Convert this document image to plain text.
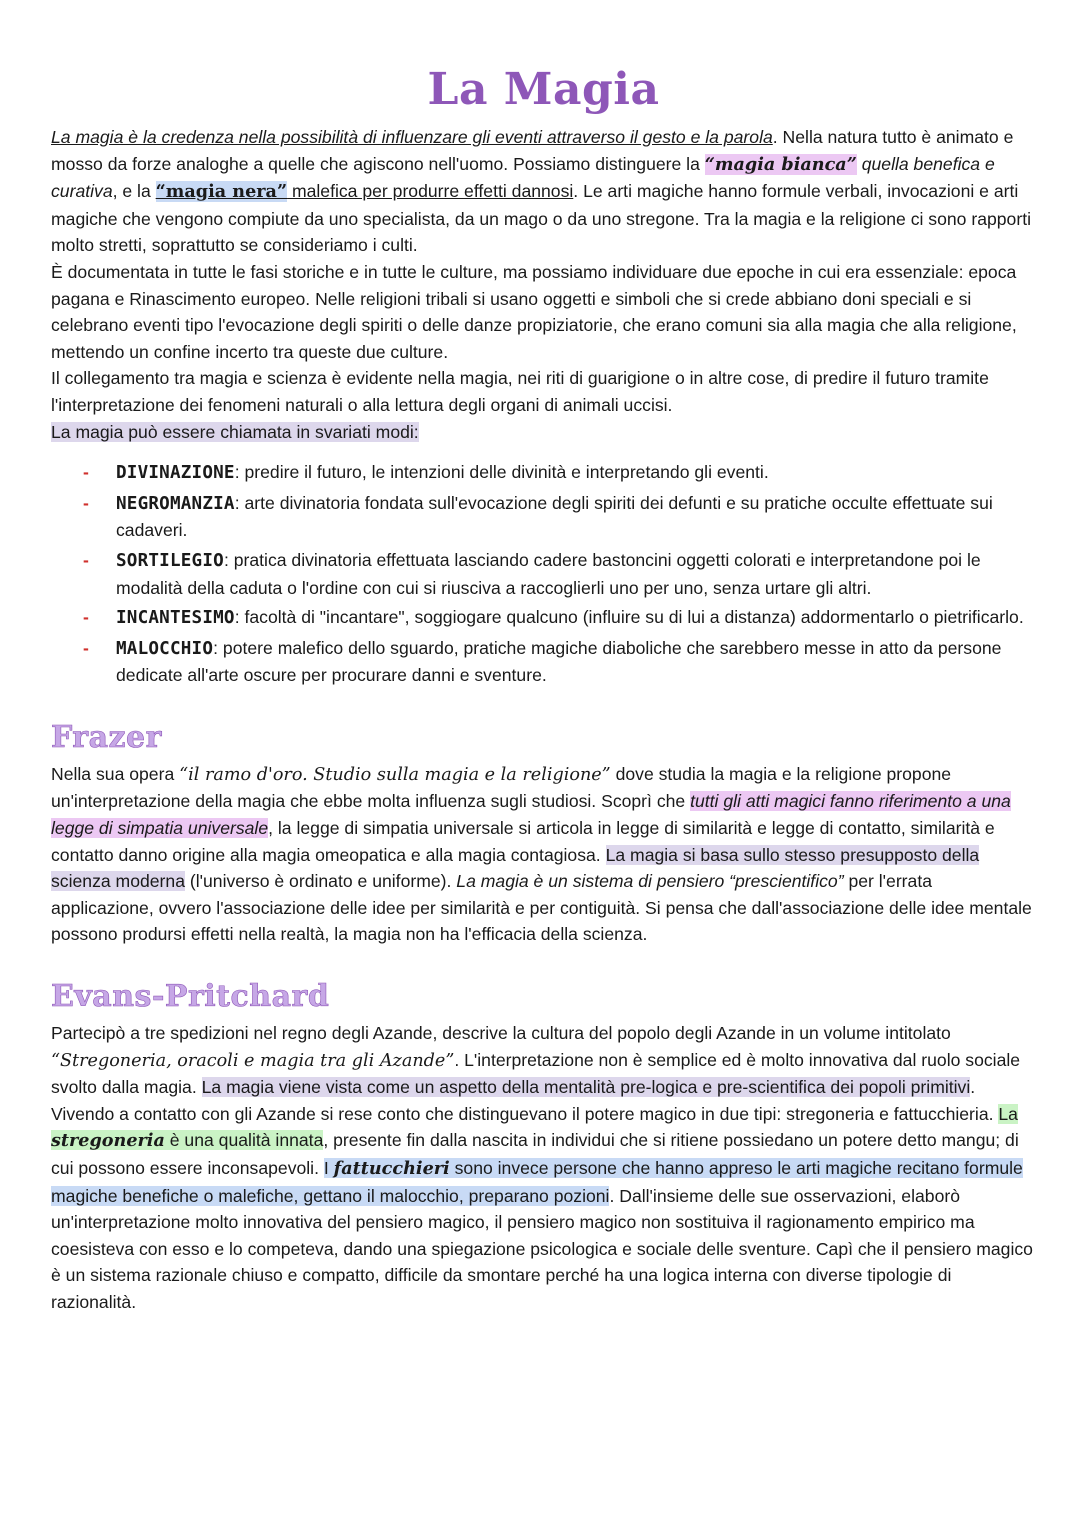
La Magia

La magia è la credenza nella possibilità di influenzare gli eventi attraverso il gesto e la parola. Nella natura tutto è animato e mosso da forze analoghe a quelle che agiscono nell'uomo. Possiamo distinguere la “magia bianca” quella benefica e curativa, e la “magia nera” malefica per produrre effetti dannosi. Le arti magiche hanno formule verbali, invocazioni e arti magiche che vengono compiute da uno specialista, da un mago o da uno stregone. Tra la magia e la religione ci sono rapporti molto stretti, soprattutto se consideriamo i culti.

È documentata in tutte le fasi storiche e in tutte le culture, ma possiamo individuare due epoche in cui era essenziale: epoca pagana e Rinascimento europeo. Nelle religioni tribali si usano oggetti e simboli che si crede abbiano doni speciali e si celebrano eventi tipo l'evocazione degli spiriti o delle danze propiziatorie, che erano comuni sia alla magia che alla religione, mettendo un confine incerto tra queste due culture.

Il collegamento tra magia e scienza è evidente nella magia, nei riti di guarigione o in altre cose, di predire il futuro tramite l'interpretazione dei fenomeni naturali o alla lettura degli organi di animali uccisi.

La magia può essere chiamata in svariati modi:

- DIVINAZIONE: predire il futuro, le intenzioni delle divinità e interpretando gli eventi.
- NEGROMANZIA: arte divinatoria fondata sull'evocazione degli spiriti dei defunti e su pratiche occulte effettuate sui cadaveri.
- SORTILEGIO: pratica divinatoria effettuata lasciando cadere bastoncini oggetti colorati e interpretandone poi le modalità della caduta o l'ordine con cui si riusciva a raccoglierli uno per uno, senza urtare gli altri.
- INCANTESIMO: facoltà di "incantare", soggiogare qualcuno (influire su di lui a distanza) addormentarlo o pietrificarlo.
- MALOCCHIO: potere malefico dello sguardo, pratiche magiche diaboliche che sarebbero messe in atto da persone dedicate all'arte oscure per procurare danni e sventure.
Frazer

Nella sua opera “il ramo d'oro. Studio sulla magia e la religione” dove studia la magia e la religione propone un'interpretazione della magia che ebbe molta influenza sugli studiosi. Scoprì che tutti gli atti magici fanno riferimento a una legge di simpatia universale, la legge di simpatia universale si articola in legge di similarità e legge di contatto, similarità e contatto danno origine alla magia omeopatica e alla magia contagiosa. La magia si basa sullo stesso presupposto della scienza moderna (l'universo è ordinato e uniforme). La magia è un sistema di pensiero “prescientifico” per l'errata applicazione, ovvero l'associazione delle idee per similarità e per contiguità. Si pensa che dall'associazione delle idee mentale possono prodursi effetti nella realtà, la magia non ha l'efficacia della scienza.

Evans-Pritchard

Partecipò a tre spedizioni nel regno degli Azande, descrive la cultura del popolo degli Azande in un volume intitolato “Stregoneria, oracoli e magia tra gli Azande”. L'interpretazione non è semplice ed è molto innovativa dal ruolo sociale svolto dalla magia. La magia viene vista come un aspetto della mentalità pre-logica e pre-scientifica dei popoli primitivi. Vivendo a contatto con gli Azande si rese conto che distinguevano il potere magico in due tipi: stregoneria e fattucchieria. La stregoneria è una qualità innata, presente fin dalla nascita in individui che si ritiene possiedano un potere detto mangu; di cui possono essere inconsapevoli. I fattucchieri sono invece persone che hanno appreso le arti magiche recitano formule magiche benefiche o malefiche, gettano il malocchio, preparano pozioni. Dall'insieme delle sue osservazioni, elaborò un'interpretazione molto innovativa del pensiero magico, il pensiero magico non sostituiva il ragionamento empirico ma coesisteva con esso e lo competeva, dando una spiegazione psicologica e sociale delle sventure. Capì che il pensiero magico è un sistema razionale chiuso e compatto, difficile da smontare perché ha una logica interna con diverse tipologie di razionalità.
